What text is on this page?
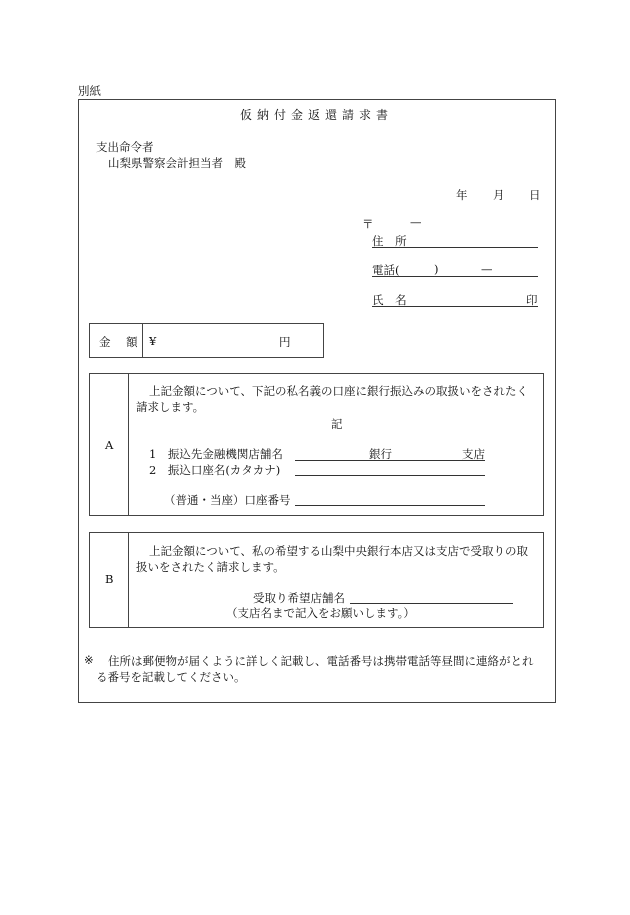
別紙
仮納付金返還請求書
支出命令者
山梨県警察会計担当者　殿
年 月 日
〒	—
住 所
電話(	)	—
氏 名	印
金 額 ¥	円
A
上記金額について、下記の私名義の口座に銀行振込みの取扱いをされたく
請求します。
記
1　振込先金融機関店舗名	銀行	支店
2　振込口座名(カタカナ)
（普通・当座）口座番号
B
上記金額について、私の希望する山梨中央銀行本店又は支店で受取りの取
扱いをされたく請求します。
受取り希望店舗名
（支店名まで記入をお願いします。）
※ 住所は郵便物が届くように詳しく記載し、電話番号は携帯電話等昼間に連絡がとれ
る番号を記載してください。
